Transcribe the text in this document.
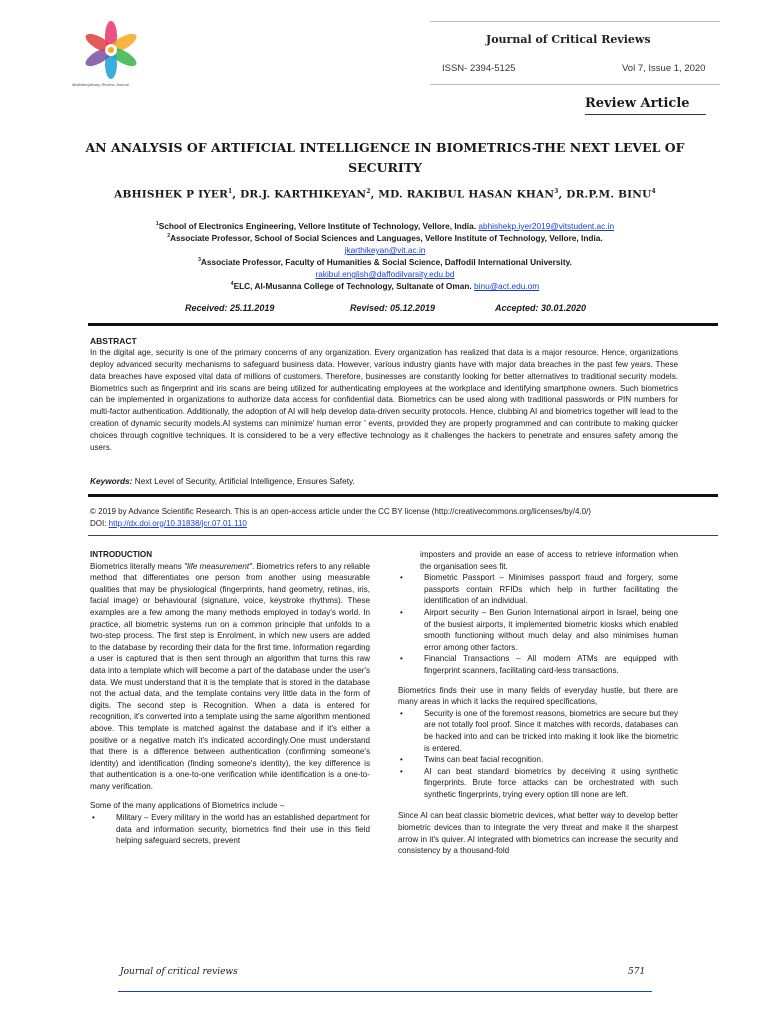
Multidisciplinary Review Journal
Journal of Critical Reviews
ISSN- 2394-5125	Vol 7, Issue 1, 2020
Review Article
AN ANALYSIS OF ARTIFICIAL INTELLIGENCE IN BIOMETRICS-THE NEXT LEVEL OF SECURITY
ABHISHEK P IYER$^1$, DR.J. KARTHIKEYAN$^2$, MD. RAKIBUL HASAN KHAN$^3$, DR.P.M. BINU$^4$
$^1$School of Electronics Engineering, Vellore Institute of Technology, Vellore, India. abhishekp.iyer2019@vitstudent.ac.in
$^2$Associate Professor, School of Social Sciences and Languages, Vellore Institute of Technology, Vellore, India.
jkarthikeyan@vit.ac.in
$^3$Associate Professor, Faculty of Humanities & Social Science, Daffodil International University.
rakibul.english@daffodilvarsity.edu.bd
$^4$ELC, Al-Musanna College of Technology, Sultanate of Oman. binu@act.edu.om
Received: 25.11.2019	Revised: 05.12.2019	Accepted: 30.01.2020
ABSTRACT
In the digital age, security is one of the primary concerns of any organization. Every organization has realized that data is a major resource. Hence, organizations deploy advanced security mechanisms to safeguard business data. However, various industry giants have with major data breaches in the past few years. These data breaches have exposed vital data of millions of customers. Therefore, businesses are constantly looking for better alternatives to traditional security models. Biometrics such as fingerprint and iris scans are being utilized for authenticating employees at the workplace and identifying smartphone owners. Such biometrics can be implemented in organizations to authorize data access for confidential data. Biometrics can be used along with traditional passwords or PIN numbers for multi-factor authentication. Additionally, the adoption of AI will help develop data-driven security protocols. Hence, clubbing AI and biometrics together will lead to the creation of dynamic security models.AI systems can minimize' human error ' events, provided they are properly programmed and can contribute to making quicker choices through cognitive techniques. It is considered to be a very effective technology as it challenges the hackers to penetrate and ensures safety among the users.
Keywords: Next Level of Security, Artificial Intelligence, Ensures Safety.
© 2019 by Advance Scientific Research. This is an open-access article under the CC BY license (http://creativecommons.org/licenses/by/4.0/)
DOI: http://dx.doi.org/10.31838/jcr.07.01.110

INTRODUCTION

Biometrics literally means "life measurement". Biometrics refers to any reliable method that differentiates one person from another using measurable qualities that may be physiological (fingerprints, hand geometry, retinas, iris, facial image) or behavioural (signature, voice, keystroke rhythms). These examples are a few among the many methods employed in today's world. In practice, all biometric systems run on a common principle that unfolds to a two-step process. The first step is Enrolment, in which new users are added to the database by recording their data for the first time. Information regarding a user is captured that is then sent through an algorithm that turns this raw data into a template which will become a part of the database under the user's data. We must understand that it is the template that is stored in the database not the actual data, and the template contains very little data in the form of digits. The second step is Recognition. When a data is entered for recognition, it's converted into a template using the same algorithm mentioned above. This template is matched against the database and if it's either a positive or a negative match it's indicated accordingly.One must understand that there is a difference between authentication (confirming someone's identity) and identification (finding someone's identity), the key difference is that authentication is a one-to-one verification while identification is a one-to-many verification.

Some of the many applications of Biometrics include –

•	Military – Every military in the world has an established department for data and information security, biometrics find their use in this field helping safeguard secrets, prevent

imposters and provide an ease of access to retrieve information when the organisation sees fit.

•	Biometric Passport – Minimises passport fraud and forgery, some passports contain RFIDs which help in further facilitating the identification of an individual.
•	Airport security – Ben Gurion International airport in Israel, being one of the busiest airports, it implemented biometric kiosks which enabled smooth functioning without much delay and also minimises human error among other factors.
•	Financial Transactions – All modern ATMs are equipped with fingerprint scanners, facilitating card-less transactions.

Biometrics finds their use in many fields of everyday hustle, but there are many areas in which it lacks the required specifications,

•	Security is one of the foremost reasons, biometrics are secure but they are not totally fool proof. Since it matches with records, databases can be hacked into and can be tricked into making it look like the biometric is entered.
•	Twins can beat facial recognition.
•	AI can beat standard biometrics by deceiving it using synthetic fingerprints. Brute force attacks can be orchestrated with such synthetic fingerprints, trying every option till none are left.

Since AI can beat classic biometric devices, what better way to develop better biometric devices than to integrate the very threat and make it the sharpest arrow in it's quiver. AI integrated with biometrics can increase the security and consistency by a thousand-fold

Journal of critical reviews	571
